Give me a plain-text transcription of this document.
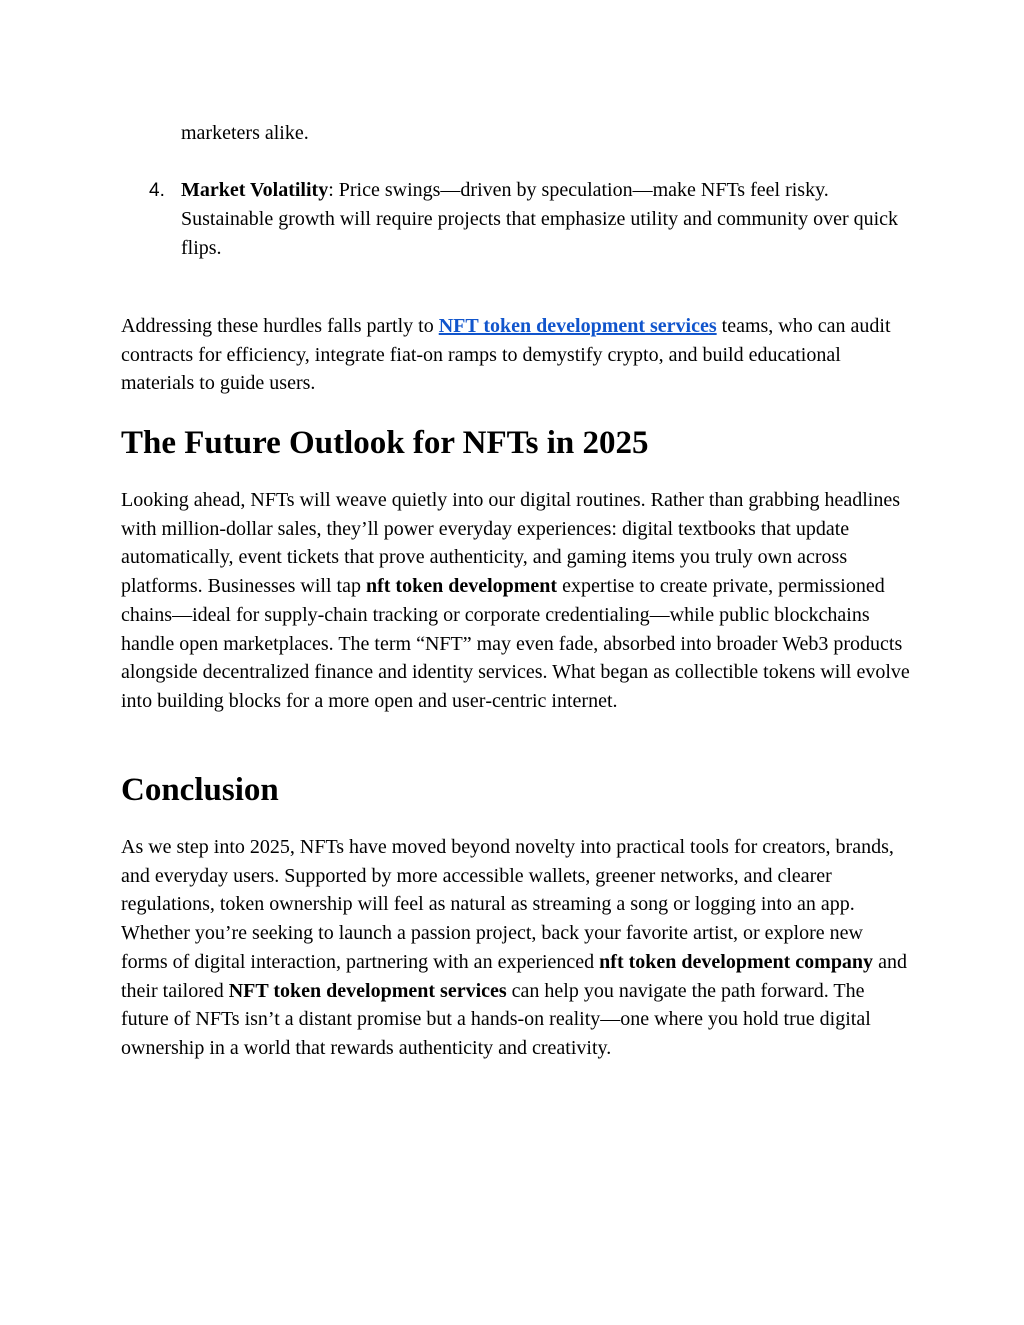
marketers alike.

4. Market Volatility: Price swings—driven by speculation—make NFTs feel risky. Sustainable growth will require projects that emphasize utility and community over quick flips.

Addressing these hurdles falls partly to NFT token development services teams, who can audit contracts for efficiency, integrate fiat‐on ramps to demystify crypto, and build educational materials to guide users.

The Future Outlook for NFTs in 2025

Looking ahead, NFTs will weave quietly into our digital routines. Rather than grabbing headlines with million‐dollar sales, they’ll power everyday experiences: digital textbooks that update automatically, event tickets that prove authenticity, and gaming items you truly own across platforms. Businesses will tap nft token development expertise to create private, permissioned chains—ideal for supply‐chain tracking or corporate credentialing—while public blockchains handle open marketplaces. The term “NFT” may even fade, absorbed into broader Web3 products alongside decentralized finance and identity services. What began as collectible tokens will evolve into building blocks for a more open and user‐centric internet.

Conclusion

As we step into 2025, NFTs have moved beyond novelty into practical tools for creators, brands, and everyday users. Supported by more accessible wallets, greener networks, and clearer regulations, token ownership will feel as natural as streaming a song or logging into an app. Whether you’re seeking to launch a passion project, back your favorite artist, or explore new forms of digital interaction, partnering with an experienced nft token development company and their tailored NFT token development services can help you navigate the path forward. The future of NFTs isn’t a distant promise but a hands‐on reality—one where you hold true digital ownership in a world that rewards authenticity and creativity.
